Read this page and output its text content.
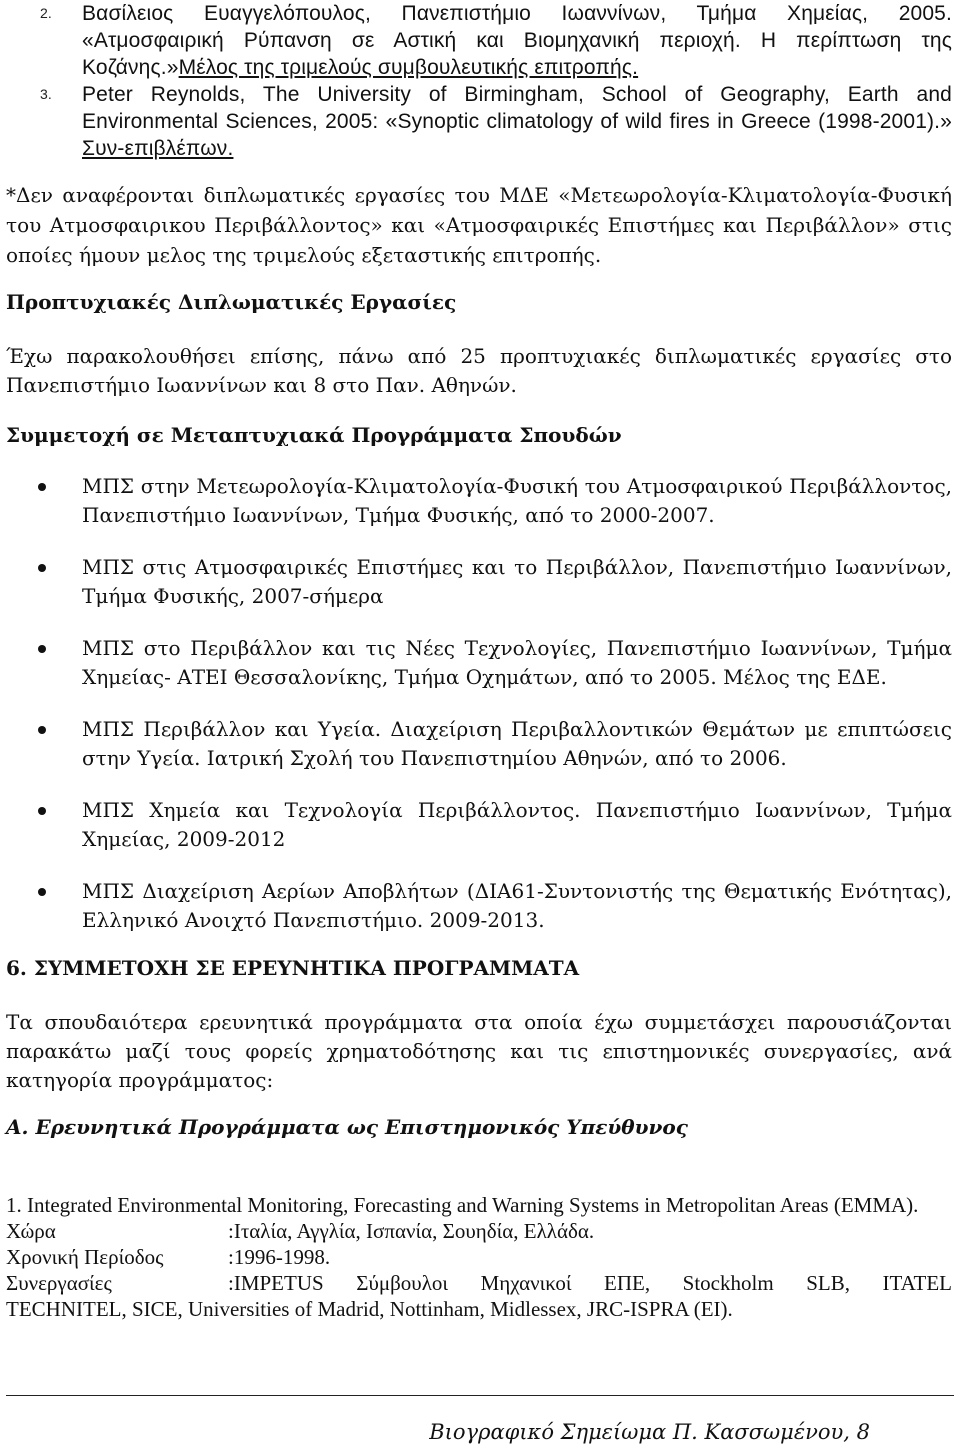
2. Βασίλειος Ευαγγελόπουλος, Πανεπιστήμιο Ιωαννίνων, Τμήμα Χημείας, 2005. «Ατμοσφαιρική Ρύπανση σε Αστική και Βιομηχανική περιοχή. Η περίπτωση της Κοζάνης.»Μέλος της τριμελούς συμβουλευτικής επιτροπής.
3. Peter Reynolds, The University of Birmingham, School of Geography, Earth and Environmental Sciences, 2005: «Synoptic climatology of wild fires in Greece (1998-2001).» Συν-επιβλέπων.
*Δεν αναφέρονται διπλωματικές εργασίες του ΜΔΕ «Μετεωρολογία-Κλιματολογία-Φυσική του Ατμοσφαιρικου Περιβάλλοντος» και «Ατμοσφαιρικές Επιστήμες και Περιβάλλον» στις οποίες ήμουν μελος της τριμελούς εξεταστικής επιτροπής.
Προπτυχιακές Διπλωματικές Εργασίες
Έχω παρακολουθήσει επίσης, πάνω από 25 προπτυχιακές διπλωματικές εργασίες στο Πανεπιστήμιο Ιωαννίνων και 8 στο Παν. Αθηνών.
Συμμετοχή σε Μεταπτυχιακά Προγράμματα Σπουδών
ΜΠΣ στην Μετεωρολογία-Κλιματολογία-Φυσική του Ατμοσφαιρικού Περιβάλλοντος, Πανεπιστήμιο Ιωαννίνων, Τμήμα Φυσικής, από το 2000-2007.
ΜΠΣ στις Ατμοσφαιρικές Επιστήμες και το Περιβάλλον, Πανεπιστήμιο Ιωαννίνων, Τμήμα Φυσικής, 2007-σήμερα
ΜΠΣ στο Περιβάλλον και τις Νέες Τεχνολογίες, Πανεπιστήμιο Ιωαννίνων, Τμήμα Χημείας- ΑΤΕΙ Θεσσαλονίκης, Τμήμα Οχημάτων, από το 2005. Μέλος της ΕΔΕ.
ΜΠΣ Περιβάλλον και Υγεία. Διαχείριση Περιβαλλοντικών Θεμάτων με επιπτώσεις στην Υγεία. Ιατρική Σχολή του Πανεπιστημίου Αθηνών, από το 2006.
ΜΠΣ Χημεία και Τεχνολογία Περιβάλλοντος. Πανεπιστήμιο Ιωαννίνων, Τμήμα Χημείας, 2009-2012
ΜΠΣ Διαχείριση Αερίων Αποβλήτων (ΔΙΑ61-Συντονιστής της Θεματικής Ενότητας), Ελληνικό Ανοιχτό Πανεπιστήμιο. 2009-2013.
6. ΣΥΜΜΕΤΟΧΗ ΣΕ ΕΡΕΥΝΗΤΙΚΑ ΠΡΟΓΡΑΜΜΑΤΑ
Τα σπουδαιότερα ερευνητικά προγράμματα στα οποία έχω συμμετάσχει παρουσιάζονται παρακάτω μαζί τους φορείς χρηματοδότησης και τις επιστημονικές συνεργασίες, ανά κατηγορία προγράμματος:
Α. Ερευνητικά Προγράμματα ως Επιστημονικός Υπεύθυνος
1. Integrated Environmental Monitoring, Forecasting and Warning Systems in Metropolitan Areas (EMMA).
Χώρα	:Ιταλία, Αγγλία, Ισπανία, Σουηδία, Ελλάδα.
Χρονική Περίοδος	:1996-1998.
Συνεργασίες	:IMPETUS Σύμβουλοι Μηχανικοί ΕΠΕ, Stockholm SLB, ITATEL
TECHNITEL, SICE, Universities of Madrid, Nottinham, Midlessex, JRC-ISPRA (EI).
Βιογραφικό Σημείωμα Π. Κασσωμένου, 8
